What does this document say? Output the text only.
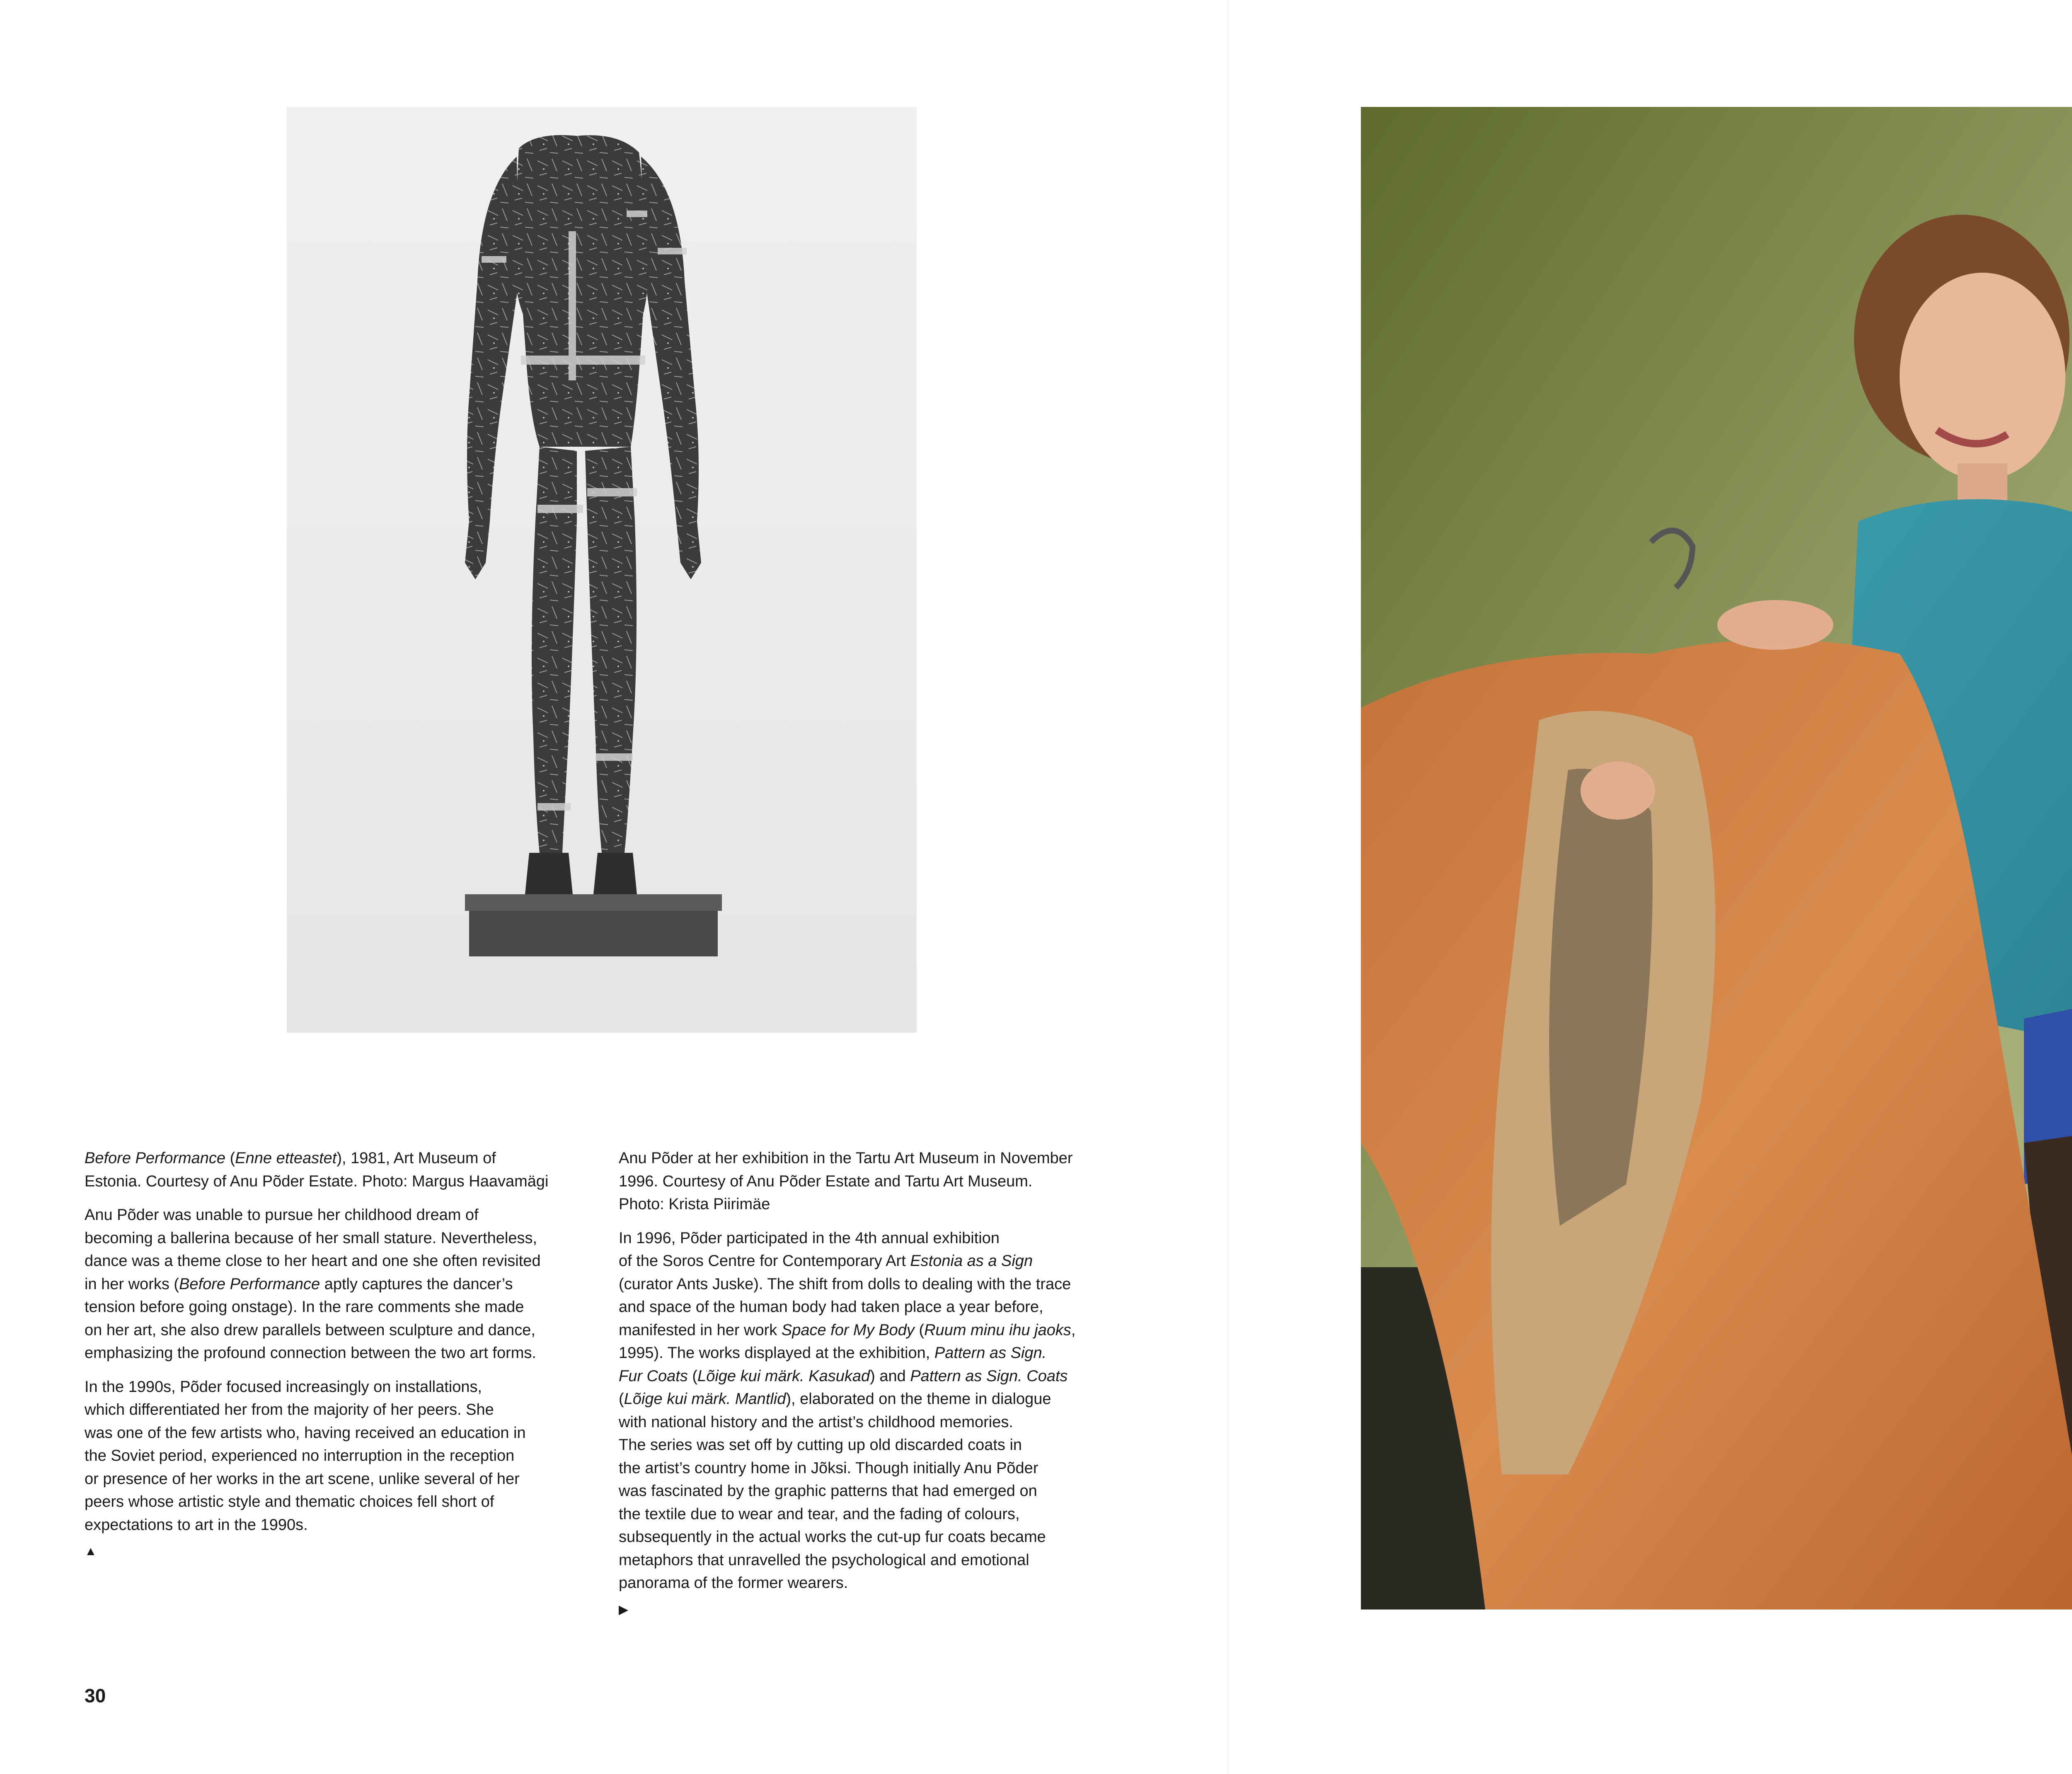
Before Performance (Enne etteastet), 1981, Art Museum of
Estonia. Courtesy of Anu Põder Estate. Photo: Margus Haavamägi

Anu Põder was unable to pursue her childhood dream of
becoming a ballerina because of her small stature. Nevertheless,
dance was a theme close to her heart and one she often revisited
in her works (Before Performance aptly captures the dancer’s
tension before going onstage). In the rare comments she made
on her art, she also drew parallels between sculpture and dance,
emphasizing the profound connection between the two art forms.

In the 1990s, Põder focused increasingly on installations,
which differentiated her from the majority of her peers. She
was one of the few artists who, having received an education in
the Soviet period, experienced no interruption in the reception
or presence of her works in the art scene, unlike several of her
peers whose artistic style and thematic choices fell short of
expectations to art in the 1990s.

▲

Anu Põder at her exhibition in the Tartu Art Museum in November
1996. Courtesy of Anu Põder Estate and Tartu Art Museum.
Photo: Krista Piirimäe

In 1996, Põder participated in the 4th annual exhibition
of the Soros Centre for Contemporary Art Estonia as a Sign
(curator Ants Juske). The shift from dolls to dealing with the trace
and space of the human body had taken place a year before,
manifested in her work Space for My Body (Ruum minu ihu jaoks,
1995). The works displayed at the exhibition, Pattern as Sign.
Fur Coats (Lõige kui märk. Kasukad) and Pattern as Sign. Coats
(Lõige kui märk. Mantlid), elaborated on the theme in dialogue
with national history and the artist’s childhood memories.
The series was set off by cutting up old discarded coats in
the artist’s country home in Jõksi. Though initially Anu Põder
was fascinated by the graphic patterns that had emerged on
the textile due to wear and tear, and the fading of colours,
subsequently in the actual works the cut-up fur coats became
metaphors that unravelled the psychological and emotional
panorama of the former wearers.

▶
30
